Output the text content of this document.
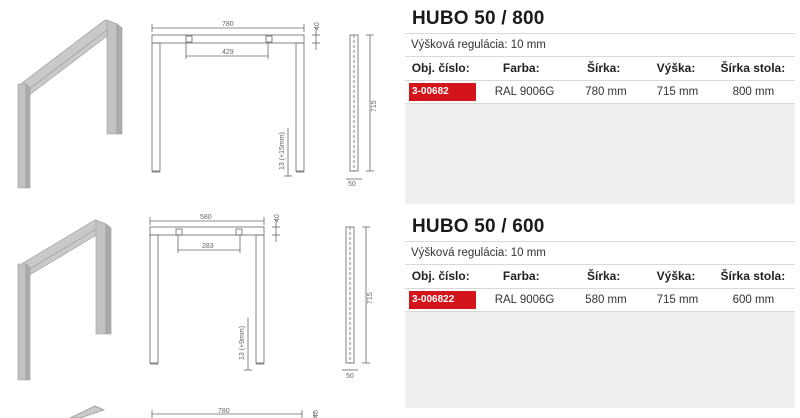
780
429
40
13 (+15mm)
715
50
580
283
40
13 (+9mm)
715
50
780	40
HUBO 50 / 800
Výšková regulácia: 10 mm
Obj. číslo:	Farba:	Šírka:	Výška:	Šírka stola:
3-00682	RAL 9006G	780 mm	715 mm	800 mm
HUBO 50 / 600
Výšková regulácia: 10 mm
Obj. číslo:	Farba:	Šírka:	Výška:	Šírka stola:
3-006822	RAL 9006G	580 mm	715 mm	600 mm
